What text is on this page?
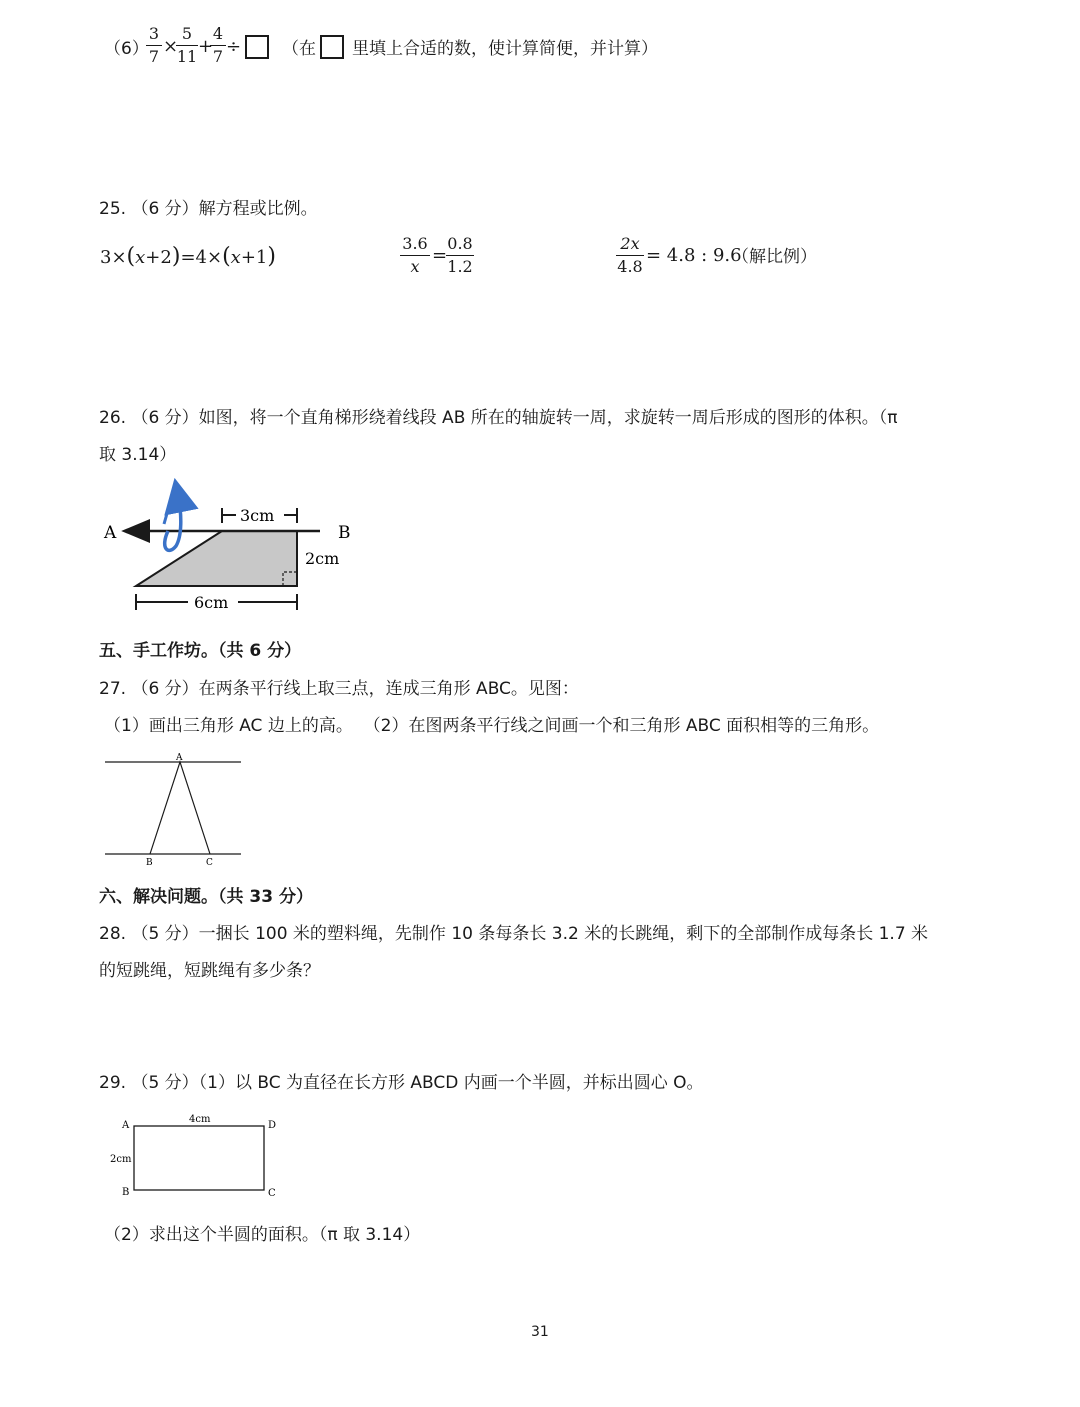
（6）
3
7 ×
5
11 +
4
7 ÷ （在 里填上合适的数，使计算简便，并计算）
25. （6 分）解方程或比例。
3×(x+2)=4×(x+1)
3.6
x
=
0.8
1.2
2x
4.8
= 4.8 : 9.6
（解比例）
26. （6 分）如图，将一个直角梯形绕着线段 AB 所在的轴旋转一周，求旋转一周后形成的图形的体积。（π
取 3.14）
A	B
3cm
2cm
6cm
A
B	C
A
B	C
D
4cm
2cm
五、手工作坊。（共 6 分）
27. （6 分）在两条平行线上取三点，连成三角形 ABC。见图：
（1）画出三角形 AC 边上的高。  （2）在图两条平行线之间画一个和三角形 ABC 面积相等的三角形。
六、解决问题。（共 33 分）
28. （5 分）一捆长 100 米的塑料绳，先制作 10 条每条长 3.2 米的长跳绳，剩下的全部制作成每条长 1.7 米
的短跳绳，短跳绳有多少条？
29. （5 分）（1）以 BC 为直径在长方形 ABCD 内画一个半圆，并标出圆心 O。
（2）求出这个半圆的面积。（π 取 3.14）
31
